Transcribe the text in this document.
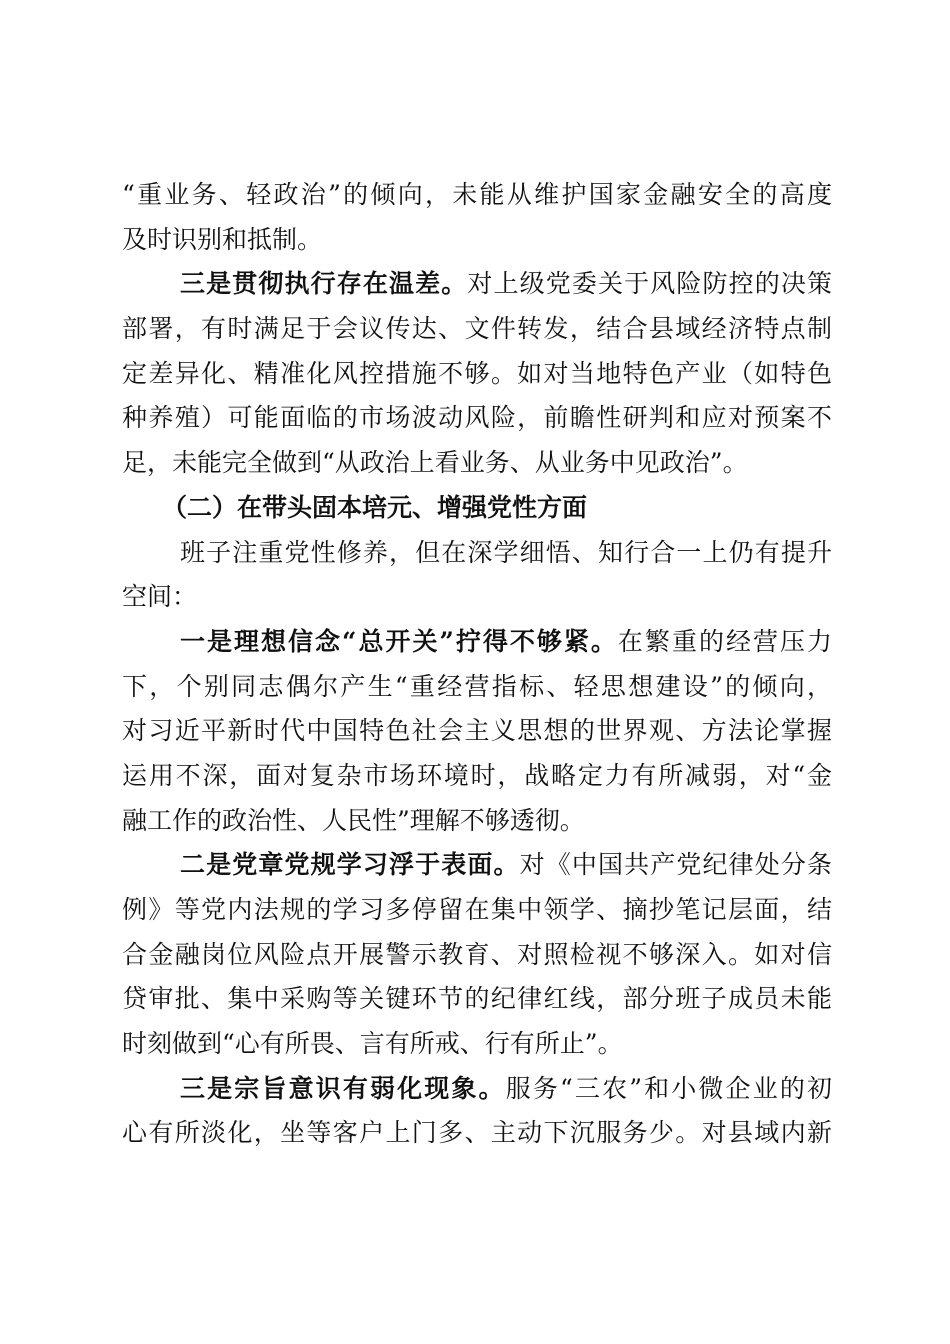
“重业务、轻政治”的倾向，未能从维护国家金融安全的高度
及时识别和抵制。
三是贯彻执行存在温差。对上级党委关于风险防控的决策
部署，有时满足于会议传达、文件转发，结合县域经济特点制
定差异化、精准化风控措施不够。如对当地特色产业（如特色
种养殖）可能面临的市场波动风险，前瞻性研判和应对预案不
足，未能完全做到“从政治上看业务、从业务中见政治”。
（二）在带头固本培元、增强党性方面
班子注重党性修养，但在深学细悟、知行合一上仍有提升
空间：
一是理想信念“总开关”拧得不够紧。在繁重的经营压力
下，个别同志偶尔产生“重经营指标、轻思想建设”的倾向，
对习近平新时代中国特色社会主义思想的世界观、方法论掌握
运用不深，面对复杂市场环境时，战略定力有所减弱，对“金
融工作的政治性、人民性”理解不够透彻。
二是党章党规学习浮于表面。对《中国共产党纪律处分条
例》等党内法规的学习多停留在集中领学、摘抄笔记层面，结
合金融岗位风险点开展警示教育、对照检视不够深入。如对信
贷审批、集中采购等关键环节的纪律红线，部分班子成员未能
时刻做到“心有所畏、言有所戒、行有所止”。
三是宗旨意识有弱化现象。服务“三农”和小微企业的初
心有所淡化，坐等客户上门多、主动下沉服务少。对县域内新
